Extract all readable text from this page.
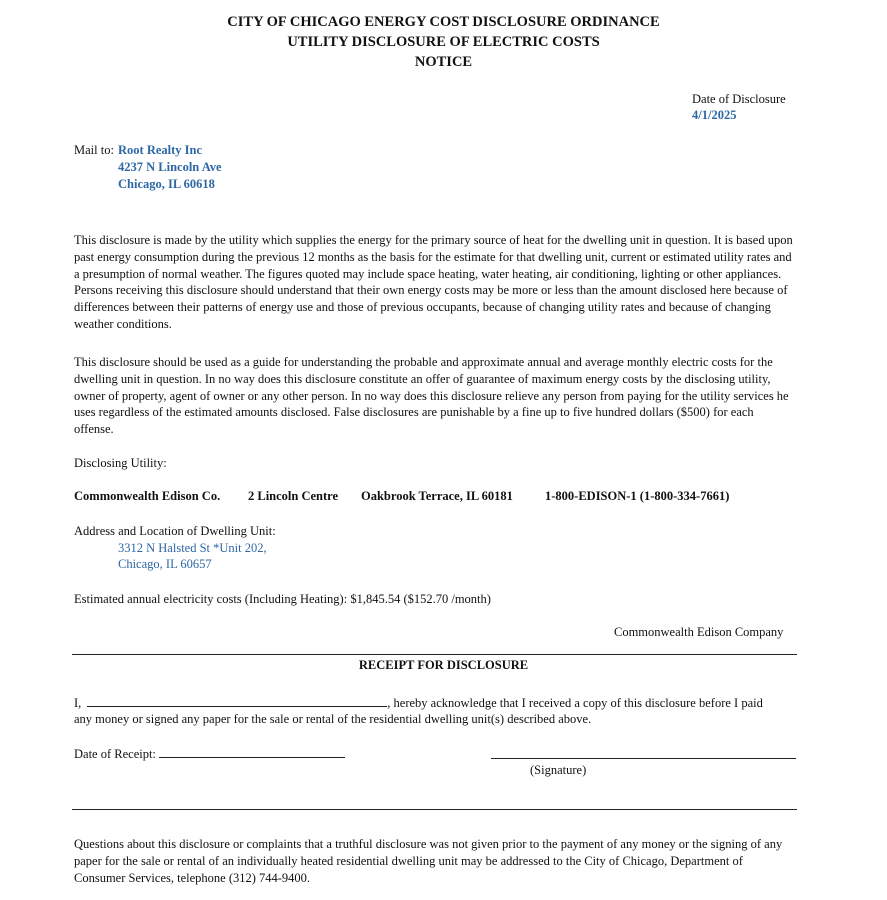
CITY OF CHICAGO ENERGY COST DISCLOSURE ORDINANCE
UTILITY DISCLOSURE OF ELECTRIC COSTS
NOTICE
Date of Disclosure
4/1/2025
Mail to: Root Realty Inc
4237 N Lincoln Ave
Chicago, IL 60618
This disclosure is made by the utility which supplies the energy for the primary source of heat for the dwelling unit in question. It is based upon past energy consumption during the previous 12 months as the basis for the estimate for that dwelling unit, current or estimated utility rates and a presumption of normal weather. The figures quoted may include space heating, water heating, air conditioning, lighting or other appliances. Persons receiving this disclosure should understand that their own energy costs may be more or less than the amount disclosed here because of differences between their patterns of energy use and those of previous occupants, because of changing utility rates and because of changing weather conditions.
This disclosure should be used as a guide for understanding the probable and approximate annual and average monthly electric costs for the dwelling unit in question. In no way does this disclosure constitute an offer of guarantee of maximum energy costs by the disclosing utility, owner of property, agent of owner or any other person. In no way does this disclosure relieve any person from paying for the utility services he uses regardless of the estimated amounts disclosed. False disclosures are punishable by a fine up to five hundred dollars ($500) for each offense.
Disclosing Utility:
Commonwealth Edison Co. 2 Lincoln Centre Oakbrook Terrace, IL 60181	1-800-EDISON-1 (1-800-334-7661)
Address and Location of Dwelling Unit:
3312 N Halsted St *Unit 202,
Chicago, IL 60657
Estimated annual electricity costs (Including Heating): $1,845.54 ($152.70 /month)
Commonwealth Edison Company
RECEIPT FOR DISCLOSURE
I,	, hereby acknowledge that I received a copy of this disclosure before I paid
any money or signed any paper for the sale or rental of the residential dwelling unit(s) described above.
Date of Receipt:
(Signature)
Questions about this disclosure or complaints that a truthful disclosure was not given prior to the payment of any money or the signing of any paper for the sale or rental of an individually heated residential dwelling unit may be addressed to the City of Chicago, Department of Consumer Services, telephone (312) 744-9400.
